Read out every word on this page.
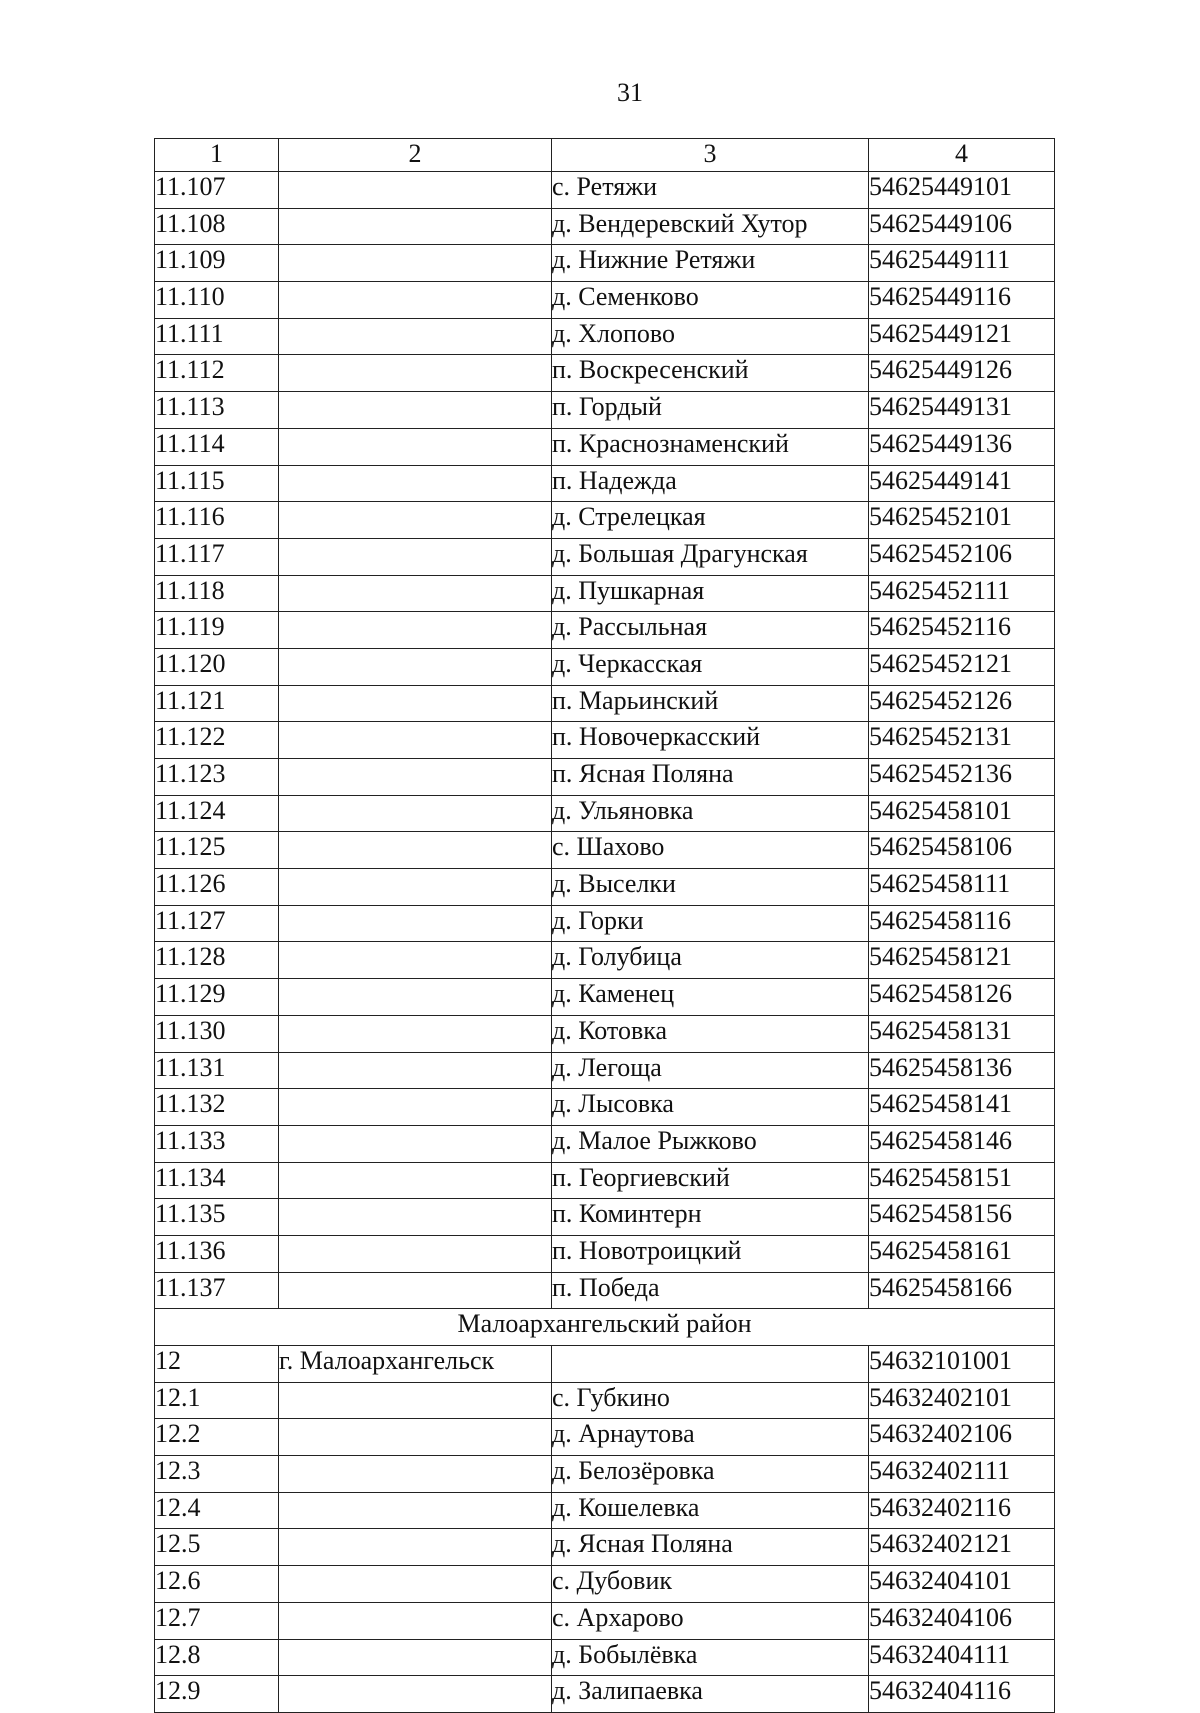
31
1	2	3	4
11.107		с. Ретяжи	54625449101
11.108		д. Вендеревский Хутор	54625449106
11.109		д. Нижние Ретяжи	54625449111
11.110		д. Семенково	54625449116
11.111		д. Хлопово	54625449121
11.112		п. Воскресенский	54625449126
11.113		п. Гордый	54625449131
11.114		п. Краснознаменский	54625449136
11.115		п. Надежда	54625449141
11.116		д. Стрелецкая	54625452101
11.117		д. Большая Драгунская	54625452106
11.118		д. Пушкарная	54625452111
11.119		д. Рассыльная	54625452116
11.120		д. Черкасская	54625452121
11.121		п. Марьинский	54625452126
11.122		п. Новочеркасский	54625452131
11.123		п. Ясная Поляна	54625452136
11.124		д. Ульяновка	54625458101
11.125		с. Шахово	54625458106
11.126		д. Выселки	54625458111
11.127		д. Горки	54625458116
11.128		д. Голубица	54625458121
11.129		д. Каменец	54625458126
11.130		д. Котовка	54625458131
11.131		д. Легоща	54625458136
11.132		д. Лысовка	54625458141
11.133		д. Малое Рыжково	54625458146
11.134		п. Георгиевский	54625458151
11.135		п. Коминтерн	54625458156
11.136		п. Новотроицкий	54625458161
11.137		п. Победа	54625458166
Малоархангельский район			
12	г. Малоархангельск		54632101001
12.1		с. Губкино	54632402101
12.2		д. Арнаутова	54632402106
12.3		д. Белозёровка	54632402111
12.4		д. Кошелевка	54632402116
12.5		д. Ясная Поляна	54632402121
12.6		с. Дубовик	54632404101
12.7		с. Архарово	54632404106
12.8		д. Бобылёвка	54632404111
12.9		д. Залипаевка	54632404116
